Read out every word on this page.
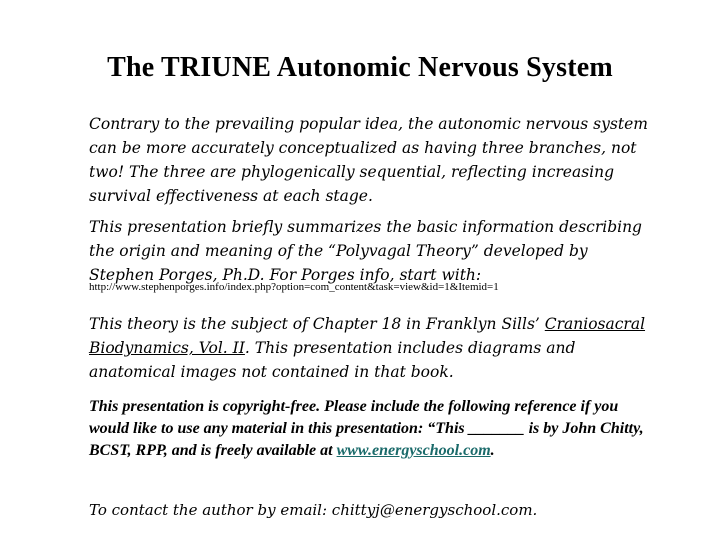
The TRIUNE Autonomic Nervous System
Contrary to the prevailing popular idea, the autonomic nervous system can be more accurately conceptualized as having three branches, not two! The three are phylogenically sequential, reflecting increasing survival effectiveness at each stage.
This presentation briefly summarizes the basic information describing the origin and meaning of the “Polyvagal Theory” developed by Stephen Porges, Ph.D. For Porges info, start with:
http://www.stephenporges.info/index.php?option=com_content&task=view&id=1&Itemid=1
This theory is the subject of Chapter 18 in Franklyn Sills’ Craniosacral Biodynamics, Vol. II. This presentation includes diagrams and anatomical images not contained in that book.
This presentation is copyright-free. Please include the following reference if you would like to use any material in this presentation: “This _______ is by John Chitty, BCST, RPP, and is freely available at www.energyschool.com.
To contact the author by email: chittyj@energyschool.com.
